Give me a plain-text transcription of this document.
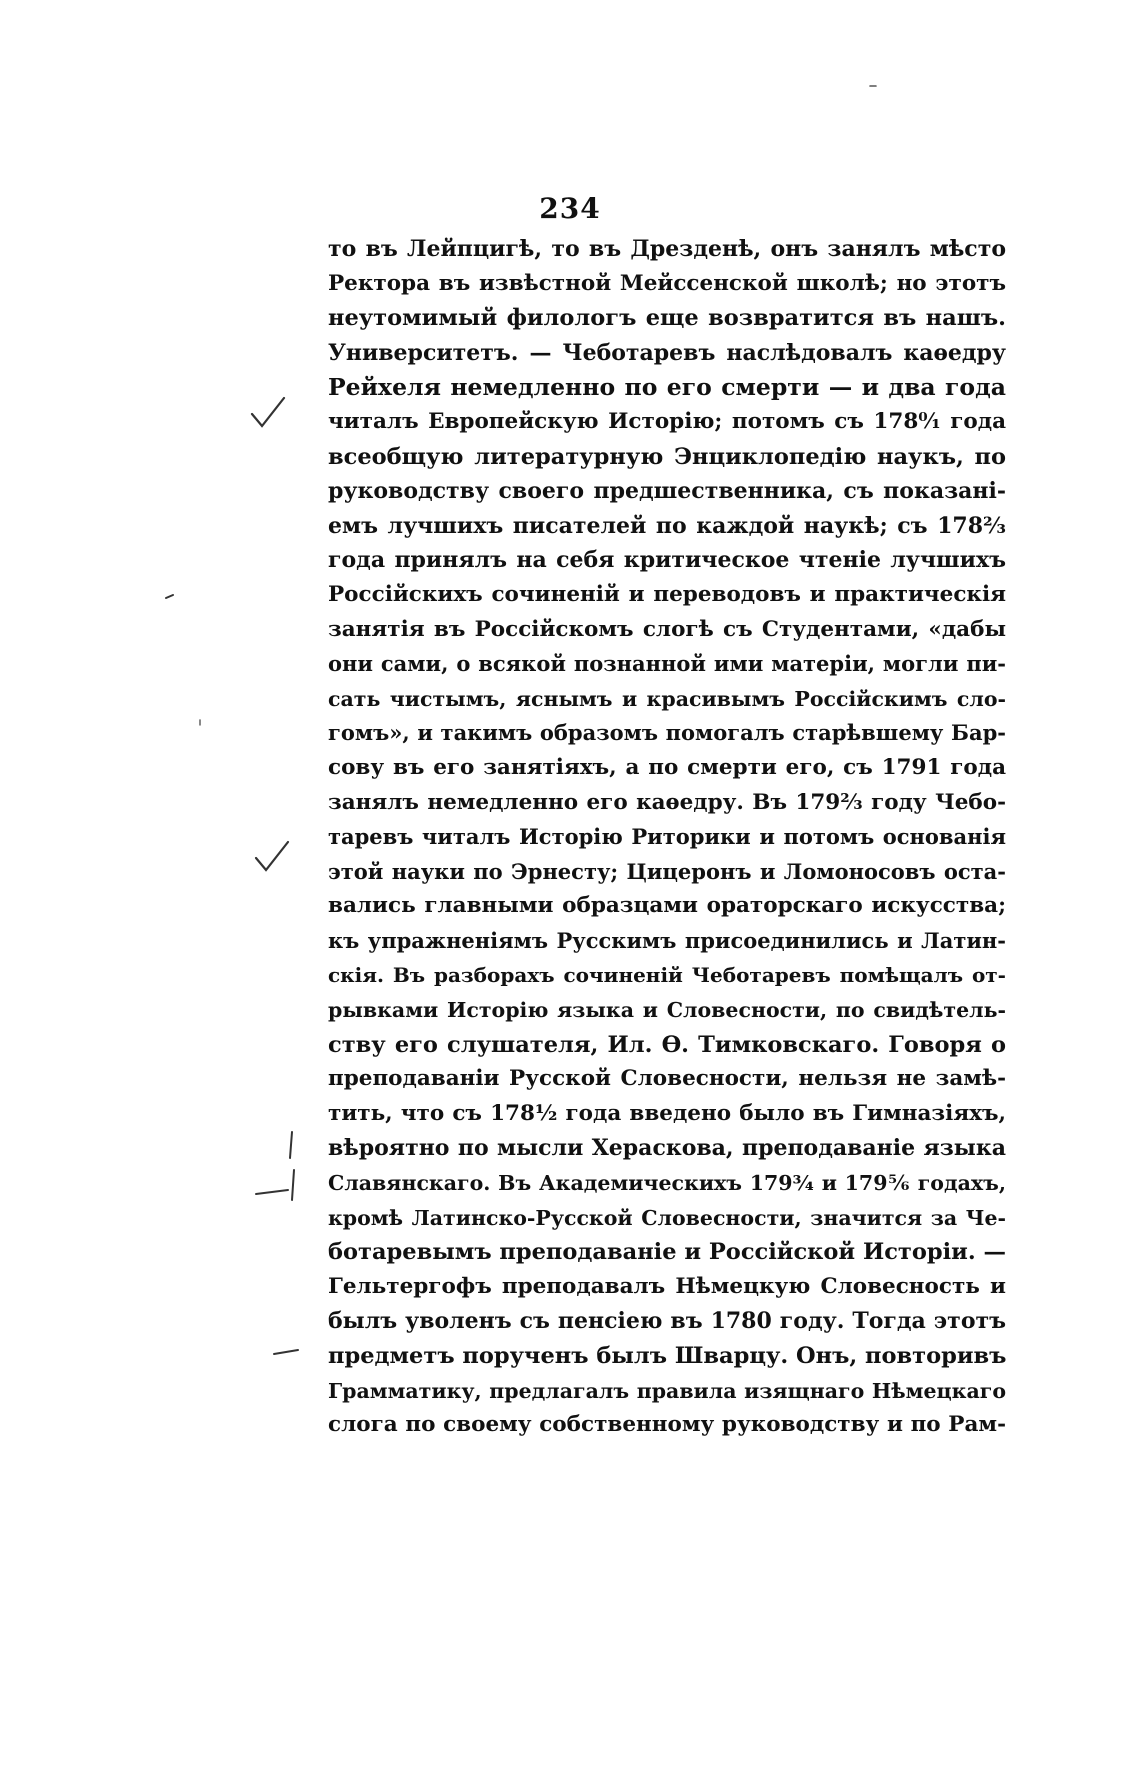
234
то въ Лейпцигѣ, то въ Дрезденѣ, онъ занялъ мѣсто
Ректора въ извѣстной Мейссенской школѣ; но этотъ
неутомимый филологъ еще возвратится въ нашъ.
Университетъ. — Чеботаревъ наслѣдовалъ каѳедру
Рейхеля немедленно по его смерти — и два года
читалъ Европейскую Исторію; потомъ съ 178⁰⁄₁ года
всеобщую литературную Энциклопедію наукъ, по
руководству своего предшественника, съ показані-
емъ лучшихъ писателей по каждой наукѣ; съ 178²⁄₃
года принялъ на себя критическое чтеніе лучшихъ
Россійскихъ сочиненій и переводовъ и практическія
занятія въ Россійскомъ слогѣ съ Студентами, «дабы
они сами, о всякой познанной ими матеріи, могли пи-
сать чистымъ, яснымъ и красивымъ Россійскимъ сло-
гомъ», и такимъ образомъ помогалъ старѣвшему Бар-
сову въ его занятіяхъ, а по смерти его, съ 1791 года
занялъ немедленно его каѳедру. Въ 179²⁄₃ году Чебо-
таревъ читалъ Исторію Риторики и потомъ основанія
этой науки по Эрнесту; Цицеронъ и Ломоносовъ оста-
вались главными образцами ораторскаго искусства;
къ упражненіямъ Русскимъ присоединились и Латин-
скія. Въ разборахъ сочиненій Чеботаревъ помѣщалъ от-
рывками Исторію языка и Словесности, по свидѣтель-
ству его слушателя, Ил. Ѳ. Тимковскаго. Говоря о
преподаваніи Русской Словесности, нельзя не замѣ-
тить, что съ 178½ года введено было въ Гимназіяхъ,
вѣроятно по мысли Хераскова, преподаваніе языка
Славянскаго. Въ Академическихъ 179¾ и 179⅚ годахъ,
кромѣ Латинско-Русской Словесности, значится за Че-
ботаревымъ преподаваніе и Россійской Исторіи. —
Гельтергофъ преподавалъ Нѣмецкую Словесность и
былъ уволенъ съ пенсіею въ 1780 году. Тогда этотъ
предметъ порученъ былъ Шварцу. Онъ, повторивъ
Грамматику, предлагалъ правила изящнаго Нѣмецкаго
слога по своему собственному руководству и по Рам-
